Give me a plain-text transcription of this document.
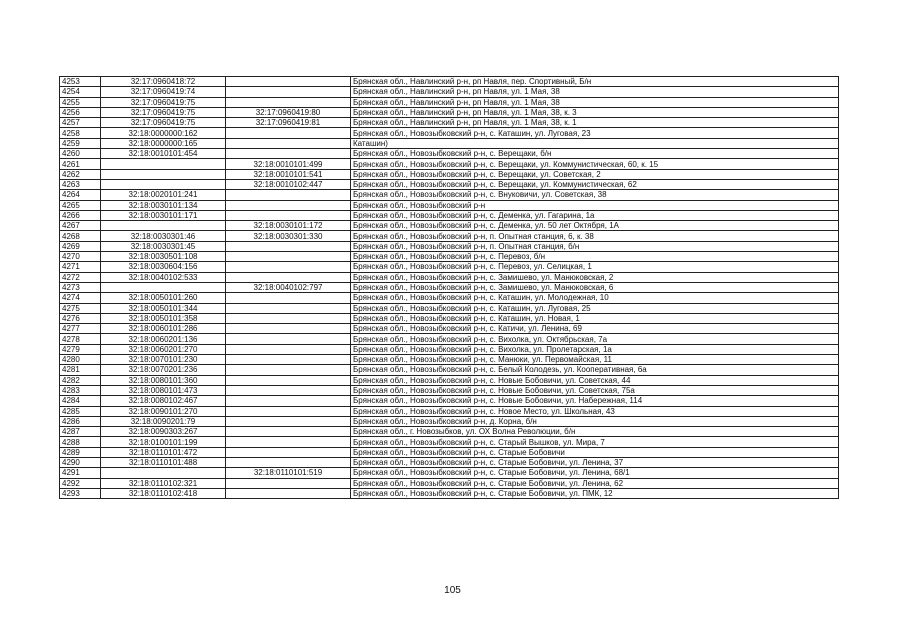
4253	32:17:0960418:72		Брянская обл., Навлинский р-н, рп Навля, пер. Спортивный, Б/н
4254	32:17:0960419:74		Брянская обл., Навлинский р-н, рп Навля, ул. 1 Мая, 38
4255	32:17:0960419:75		Брянская обл., Навлинский р-н, рп Навля, ул. 1 Мая, 38
4256	32:17:0960419:75	32:17:0960419:80	Брянская обл., Навлинский р-н, рп Навля, ул. 1 Мая, 38, к. 3
4257	32:17:0960419:75	32:17:0960419:81	Брянская обл., Навлинский р-н, рп Навля, ул. 1 Мая, 38, к. 1
4258	32:18:0000000:162		Брянская обл., Новозыбковский р-н, с. Каташин, ул. Луговая, 23
4259	32:18:0000000:165		Каташин)
4260	32:18:0010101:454		Брянская обл., Новозыбковский р-н, с. Верещаки, б/н
4261		32:18:0010101:499	Брянская обл., Новозыбковский р-н, с. Верещаки, ул. Коммунистическая, 60, к. 15
4262		32:18:0010101:541	Брянская обл., Новозыбковский р-н, с. Верещаки, ул. Советская, 2
4263		32:18:0010102:447	Брянская обл., Новозыбковский р-н, с. Верещаки, ул. Коммунистическая, 62
4264	32:18:0020101:241		Брянская обл., Новозыбковский р-н, с. Внуковичи, ул. Советская, 38
4265	32:18:0030101:134		Брянская обл., Новозыбковский р-н
4266	32:18:0030101:171		Брянская обл., Новозыбковский р-н, с. Деменка, ул. Гагарина, 1а
4267		32:18:0030101:172	Брянская обл., Новозыбковский р-н, с. Деменка, ул. 50 лет Октября, 1А
4268	32:18:0030301:46	32:18:0030301:330	Брянская обл., Новозыбковский р-н, п. Опытная станция, 6, к. 38
4269	32:18:0030301:45		Брянская обл., Новозыбковский р-н, п. Опытная станция, б/н
4270	32:18:0030501:108		Брянская обл., Новозыбковский р-н, с. Перевоз, б/н
4271	32:18:0030604:156		Брянская обл., Новозыбковский р-н, с. Перевоз, ул. Селицкая, 1
4272	32:18:0040102:533		Брянская обл., Новозыбковский р-н, с. Замишево, ул. Манюковская, 2
4273		32:18:0040102:797	Брянская обл., Новозыбковский р-н, с. Замишево, ул. Манюковская, 6
4274	32:18:0050101:260		Брянская обл., Новозыбковский р-н, с. Каташин, ул. Молодежная, 10
4275	32:18:0050101:344		Брянская обл., Новозыбковский р-н, с. Каташин, ул. Луговая, 25
4276	32:18:0050101:358		Брянская обл., Новозыбковский р-н, с. Каташин, ул. Новая, 1
4277	32:18:0060101:286		Брянская обл., Новозыбковский р-н, с. Катичи, ул. Ленина, 69
4278	32:18:0060201:136		Брянская обл., Новозыбковский р-н, с. Вихолка, ул. Октябрьская, 7а
4279	32:18:0060201:270		Брянская обл., Новозыбковский р-н, с. Вихолка, ул. Пролетарская, 1а
4280	32:18:0070101:230		Брянская обл., Новозыбковский р-н, с. Манюки, ул. Первомайская, 11
4281	32:18:0070201:236		Брянская обл., Новозыбковский р-н, с. Белый Колодезь, ул. Кооперативная, 6а
4282	32:18:0080101:360		Брянская обл., Новозыбковский р-н, с. Новые Бобовичи, ул. Советская, 44
4283	32:18:0080101:473		Брянская обл., Новозыбковский р-н, с. Новые Бобовичи, ул. Советская, 75а
4284	32:18:0080102:467		Брянская обл., Новозыбковский р-н, с. Новые Бобовичи, ул. Набережная, 114
4285	32:18:0090101:270		Брянская обл., Новозыбковский р-н, с. Новое Место, ул. Школьная, 43
4286	32:18:0090201:79		Брянская обл., Новозыбковский р-н, д. Корна, б/н
4287	32:18:0090303:267		Брянская обл., г. Новозыбков, ул. ОХ Волна Революции, б/н
4288	32:18:0100101:199		Брянская обл., Новозыбковский р-н, с. Старый Вышков, ул. Мира, 7
4289	32:18:0110101:472		Брянская обл., Новозыбковский р-н, с. Старые Бобовичи
4290	32:18:0110101:488		Брянская обл., Новозыбковский р-н, с. Старые Бобовичи, ул. Ленина, 37
4291		32:18:0110101:519	Брянская обл., Новозыбковский р-н, с. Старые Бобовичи, ул. Ленина, 68/1
4292	32:18:0110102:321		Брянская обл., Новозыбковский р-н, с. Старые Бобовичи, ул. Ленина, 62
4293	32:18:0110102:418		Брянская обл., Новозыбковский р-н, с. Старые Бобовичи, ул. ПМК, 12
105
